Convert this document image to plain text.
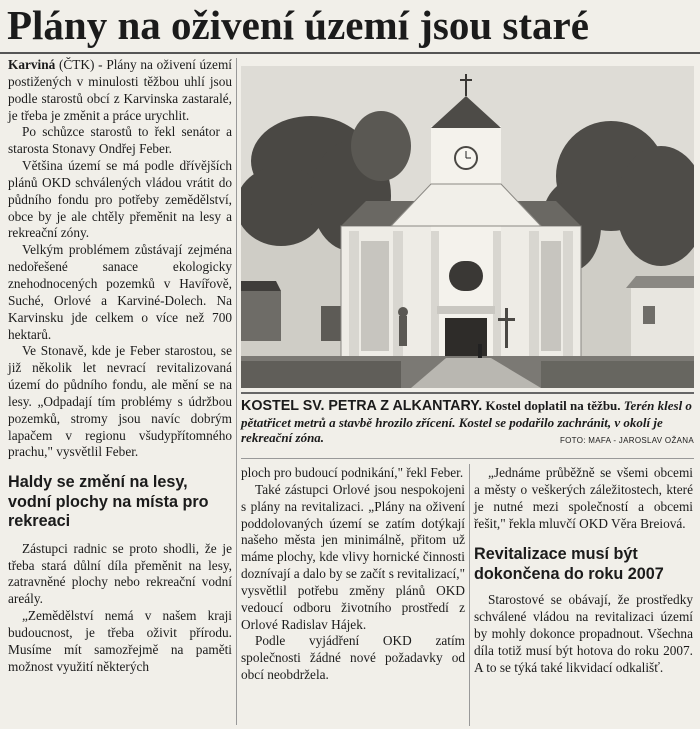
Plány na oživení území jsou staré

Karviná (ČTK) - Plány na oživení území postižených v minulosti těžbou uhlí jsou podle starostů obcí z Karvinska zastaralé, je třeba je změnit a práce urychlit.

Po schůzce starostů to řekl senátor a starosta Stonavy Ondřej Feber.

Většina území se má podle dřívějších plánů OKD schválených vládou vrátit do půdního fondu pro potřeby zemědělství, obce by je ale chtěly přeměnit na lesy a rekreační zóny.

Velkým problémem zůstávají zejména nedořešené sanace ekologicky znehodnocených pozemků v Havířově, Suché, Orlové a Karviné-Dolech. Na Karvinsku jde celkem o více než 700 hektarů.

Ve Stonavě, kde je Feber starostou, se již několik let nevrací revitalizovaná území do půdního fondu, ale mění se na lesy. „Odpadají tím problémy s údržbou pozemků, stromy jsou navíc dobrým lapačem v regionu všudypřítomného prachu," vysvětlil Feber.

Haldy se změní na lesy, vodní plochy na místa pro rekreaci

Zástupci radnic se proto shodli, že je třeba stará důlní díla přeměnit na lesy, zatravněné plochy nebo rekreační vodní areály.

„Zemědělství nemá v našem kraji budoucnost, je třeba oživit přírodu. Musíme mít samozřejmě na paměti možnost využití některých

KOSTEL SV. PETRA Z ALKANTARY. Kostel doplatil na těžbu. Terén klesl o pětatřicet metrů a stavbě hrozilo zřícení. Kostel se podařilo zachránit, v okolí je rekreační zóna.	FOTO: MAFA - JAROSLAV OŽANA

ploch pro budoucí podnikání," řekl Feber.

Také zástupci Orlové jsou nespokojeni s plány na revitalizaci. „Plány na oživení poddolovaných území se zatím dotýkají našeho města jen minimálně, přitom už máme plochy, kde vlivy hornické činnosti doznívají a dalo by se začít s revitalizací," vysvětlil potřebu změny plánů OKD vedoucí odboru životního prostředí z Orlové Radislav Hájek.

Podle vyjádření OKD zatím společnosti žádné nové požadavky od obcí neobdržela.

„Jednáme průběžně se všemi obcemi a městy o veškerých záležitostech, které je nutné mezi společností a obcemi řešit," řekla mluvčí OKD Věra Breiová.

Revitalizace musí být dokončena do roku 2007

Starostové se obávají, že prostředky schválené vládou na revitalizaci území by mohly dokonce propadnout. Všechna díla totiž musí být hotova do roku 2007. A to se týká také likvidací odkališť.
